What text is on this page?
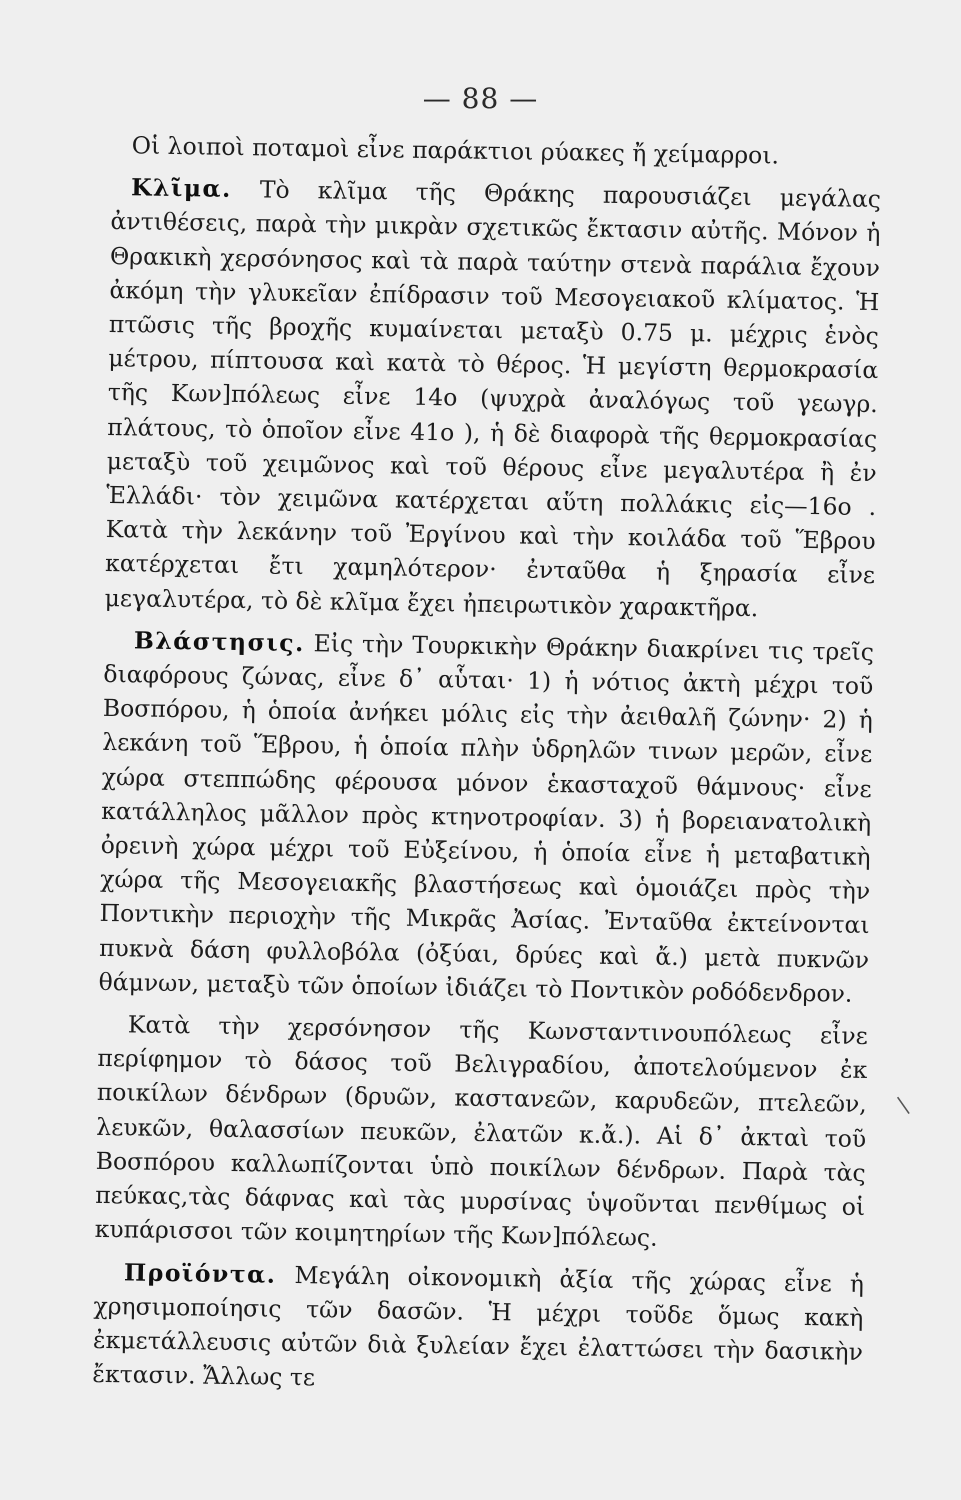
— 88 —

Οἱ λοιποὶ ποταμοὶ εἶνε παράκτιοι ρύακες ἤ χείμαρροι.

Κλῖμα. Τὸ κλῖμα τῆς Θράκης παρουσιάζει μεγάλας ἀντιθέσεις, παρὰ τὴν μικρὰν σχετικῶς ἔκτασιν αὐτῆς. Μόνον ἡ Θρακικὴ χερσόνησος καὶ τὰ παρὰ ταύτην στενὰ παράλια ἔχουν ἀκόμη τὴν γλυκεῖαν ἐπίδρασιν τοῦ Μεσογειακοῦ κλίματος. Ἡ πτῶσις τῆς βροχῆς κυμαίνεται μεταξὺ 0.75 μ. μέχρις ἑνὸς μέτρου, πίπτουσα καὶ κατὰ τὸ θέρος. Ἡ μεγίστη θερμοκρασία τῆς Κων]πόλεως εἶνε 14ο (ψυχρὰ ἀναλόγως τοῦ γεωγρ. πλάτους, τὸ ὁποῖον εἶνε 41ο ), ἡ δὲ διαφορὰ τῆς θερμοκρασίας μεταξὺ τοῦ χειμῶνος καὶ τοῦ θέρους εἶνε μεγαλυτέρα ἢ ἐν Ἑλλάδι· τὸν χειμῶνα κατέρχεται αὕτη πολλάκις εἰς—16ο . Κατὰ τὴν λεκάνην τοῦ Ἐργίνου καὶ τὴν κοιλάδα τοῦ Ἕβρου κατέρχεται ἔτι χαμηλότερον· ἐνταῦθα ἡ ξηρασία εἶνε μεγαλυτέρα, τὸ δὲ κλῖμα ἔχει ἠπειρωτικὸν χαρακτῆρα.

Βλάστησις. Εἰς τὴν Τουρκικὴν Θράκην διακρίνει τις τρεῖς διαφόρους ζώνας, εἶνε δ᾽ αὗται· 1) ἡ νότιος ἀκτὴ μέχρι τοῦ Βοσπόρου, ἡ ὁποία ἀνήκει μόλις εἰς τὴν ἀειθαλῆ ζώνην· 2) ἡ λεκάνη τοῦ Ἕβρου, ἡ ὁποία πλὴν ὑδρηλῶν τινων μερῶν, εἶνε χώρα στεππώδης φέρουσα μόνον ἑκασταχοῦ θάμνους· εἶνε κατάλληλος μᾶλλον πρὸς κτηνοτροφίαν. 3) ἡ βορειανατολικὴ ὀρεινὴ χώρα μέχρι τοῦ Εὐξείνου, ἡ ὁποία εἶνε ἡ μεταβατικὴ χώρα τῆς Μεσογειακῆς βλαστήσεως καὶ ὁμοιάζει πρὸς τὴν Ποντικὴν περιοχὴν τῆς Μικρᾶς Ἀσίας. Ἐνταῦθα ἐκτείνονται πυκνὰ δάση φυλλοβόλα (ὀξύαι, δρύες καὶ ἄ.) μετὰ πυκνῶν θάμνων, μεταξὺ τῶν ὁποίων ἰδιάζει τὸ Ποντικὸν ροδόδενδρον.

Κατὰ τὴν χερσόνησον τῆς Κωνσταντινουπόλεως εἶνε περίφημον τὸ δάσος τοῦ Βελιγραδίου, ἀποτελούμενον ἐκ ποικίλων δένδρων (δρυῶν, καστανεῶν, καρυδεῶν, πτελεῶν, λευκῶν, θαλασσίων πευκῶν, ἐλατῶν κ.ἄ.). Αἱ δ᾽ ἀκταὶ τοῦ Βοσπόρου καλλωπίζονται ὑπὸ ποικίλων δένδρων. Παρὰ τὰς πεύκας,τὰς δάφνας καὶ τὰς μυρσίνας ὑψοῦνται πενθίμως οἱ κυπάρισσοι τῶν κοιμητηρίων τῆς Κων]πόλεως.

Προϊόντα. Μεγάλη οἰκονομικὴ ἀξία τῆς χώρας εἶνε ἡ χρησιμοποίησις τῶν δασῶν. Ἡ μέχρι τοῦδε ὅμως κακὴ ἐκμετάλλευσις αὐτῶν διὰ ξυλείαν ἔχει ἐλαττώσει τὴν δασικὴν ἔκτασιν. Ἄλλως τε

|
